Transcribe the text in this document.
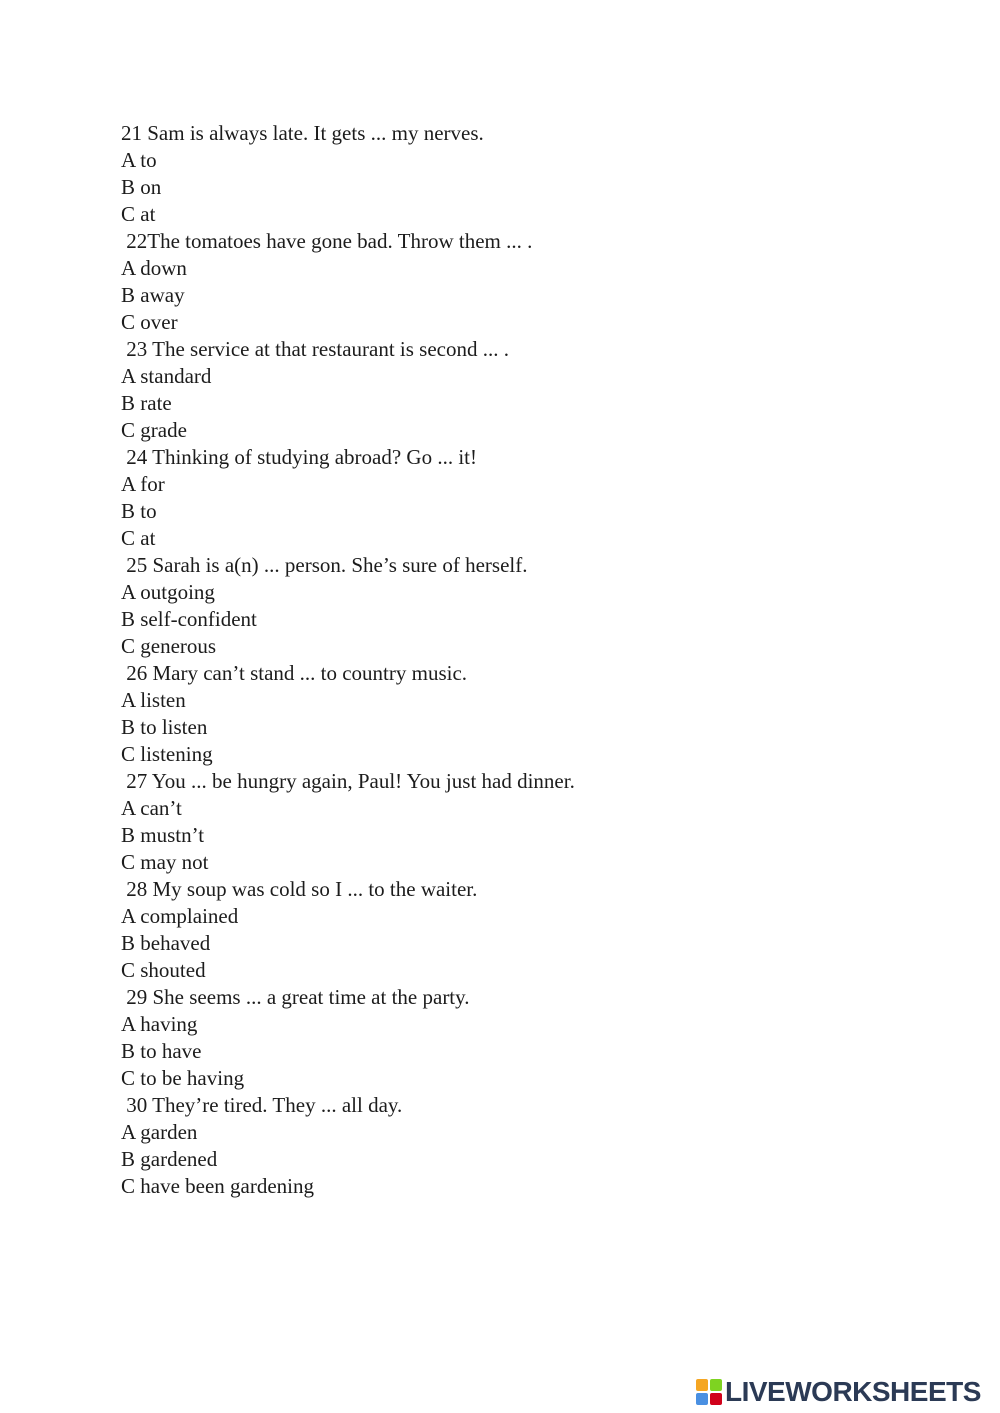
21 Sam is always late. It gets ... my nerves.
A to
B on
C at
22The tomatoes have gone bad. Throw them ... .
A down
B away
C over
23 The service at that restaurant is second ... .
A standard
B rate
C grade
24 Thinking of studying abroad? Go ... it!
A for
B to
C at
25 Sarah is a(n) ... person. She’s sure of herself.
A outgoing
B self-confident
C generous
26 Mary can’t stand ... to country music.
A listen
B to listen
C listening
27 You ... be hungry again, Paul! You just had dinner.
A can’t
B mustn’t
C may not
28 My soup was cold so I ... to the waiter.
A complained
B behaved
C shouted
29 She seems ... a great time at the party.
A having
B to have
C to be having
30 They’re tired. They ... all day.
A garden
B gardened
C have been gardening
LIVEWORKSHEETS
